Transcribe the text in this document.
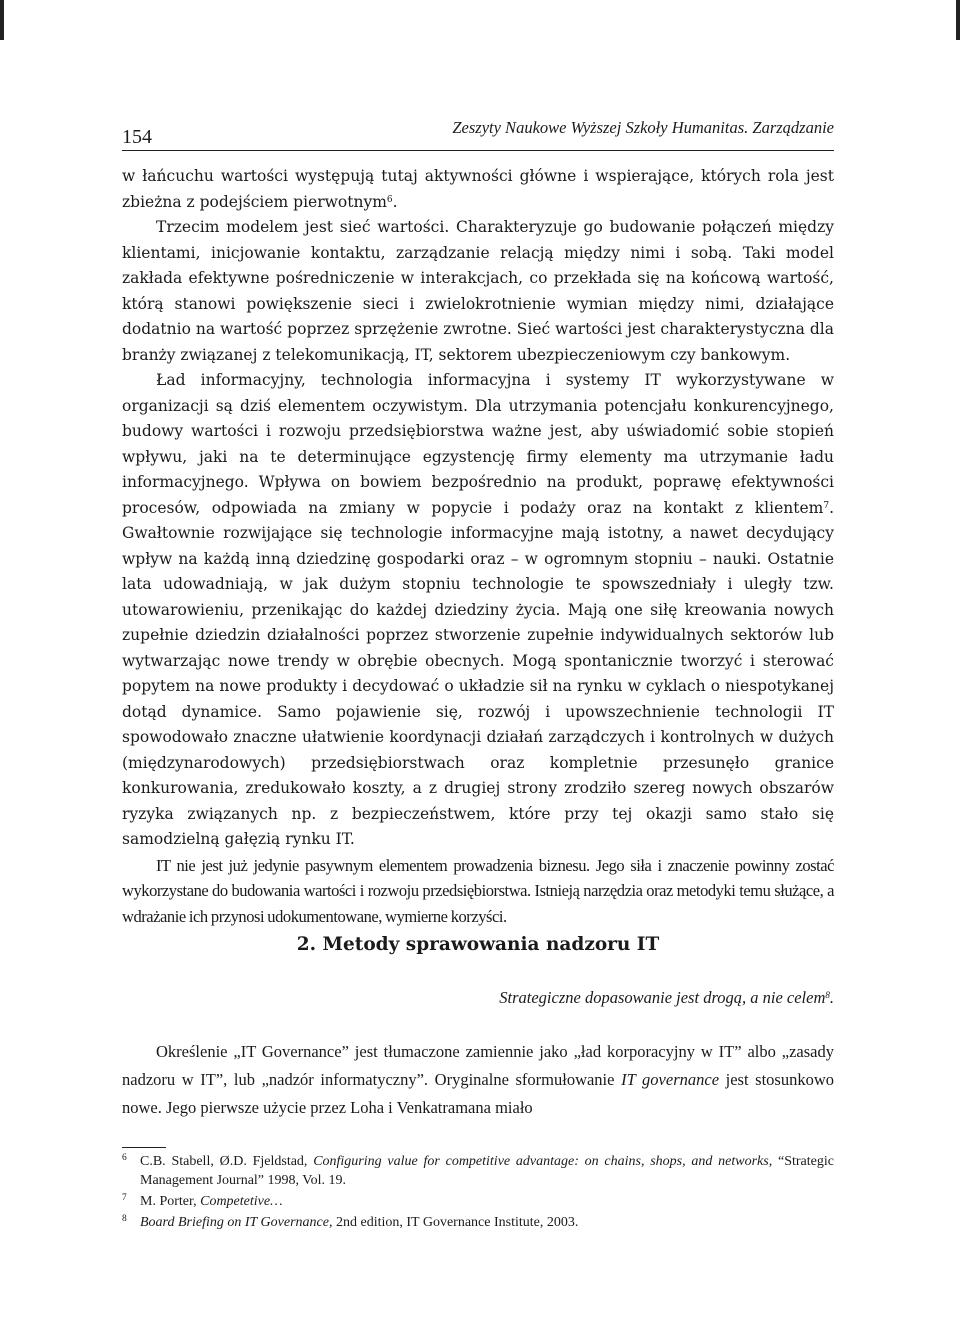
154	Zeszyty Naukowe Wyższej Szkoły Humanitas. Zarządzanie

w łańcuchu wartości występują tutaj aktywności główne i wspierające, których rola jest zbieżna z podejściem pierwotnym$^6$.

Trzecim modelem jest sieć wartości. Charakteryzuje go budowanie połączeń między klientami, inicjowanie kontaktu, zarządzanie relacją między nimi i sobą. Taki model zakłada efektywne pośredniczenie w interakcjach, co przekłada się na końcową wartość, którą stanowi powiększenie sieci i zwielokrotnienie wymian między nimi, działające dodatnio na wartość poprzez sprzężenie zwrotne. Sieć wartości jest charakterystyczna dla branży związanej z telekomunikacją, IT, sektorem ubezpieczeniowym czy bankowym.

Ład informacyjny, technologia informacyjna i systemy IT wykorzystywane w organizacji są dziś elementem oczywistym. Dla utrzymania potencjału konkurencyjnego, budowy wartości i rozwoju przedsiębiorstwa ważne jest, aby uświadomić sobie stopień wpływu, jaki na te determinujące egzystencję firmy elementy ma utrzymanie ładu informacyjnego. Wpływa on bowiem bezpośrednio na produkt, poprawę efektywności procesów, odpowiada na zmiany w popycie i podaży oraz na kontakt z klientem$^7$. Gwałtownie rozwijające się technologie informacyjne mają istotny, a nawet decydujący wpływ na każdą inną dziedzinę gospodarki oraz – w ogromnym stopniu – nauki. Ostatnie lata udowadniają, w jak dużym stopniu technologie te spowszedniały i uległy tzw. utowarowieniu, przenikając do każdej dziedziny życia. Mają one siłę kreowania nowych zupełnie dziedzin działalności poprzez stworzenie zupełnie indywidualnych sektorów lub wytwarzając nowe trendy w obrębie obecnych. Mogą spontanicznie tworzyć i sterować popytem na nowe produkty i decydować o układzie sił na rynku w cyklach o niespotykanej dotąd dynamice. Samo pojawienie się, rozwój i upowszechnienie technologii IT spowodowało znaczne ułatwienie koordynacji działań zarządczych i kontrolnych w dużych (międzynarodowych) przedsiębiorstwach oraz kompletnie przesunęło granice konkurowania, zredukowało koszty, a z drugiej strony zrodziło szereg nowych obszarów ryzyka związanych np. z bezpieczeństwem, które przy tej okazji samo stało się samodzielną gałęzią rynku IT.

IT nie jest już jedynie pasywnym elementem prowadzenia biznesu. Jego siła i znaczenie powinny zostać wykorzystane do budowania wartości i rozwoju przedsiębiorstwa. Istnieją narzędzia oraz metodyki temu służące, a wdrażanie ich przynosi udokumentowane, wymierne korzyści.

2. Metody sprawowania nadzoru IT
Strategiczne dopasowanie jest drogą, a nie celem$^8$.

Określenie „IT Governance” jest tłumaczone zamiennie jako „ład korporacyjny w IT” albo „zasady nadzoru w IT”, lub „nadzór informatyczny”. Oryginalne sformułowanie IT governance jest stosunkowo nowe. Jego pierwsze użycie przez Loha i Venkatramana miało

6 C.B. Stabell, Ø.D. Fjeldstad, Configuring value for competitive advantage: on chains, shops, and networks, “Strategic Management Journal” 1998, Vol. 19.
7 M. Porter, Competetive…
8 Board Briefing on IT Governance, 2nd edition, IT Governance Institute, 2003.
